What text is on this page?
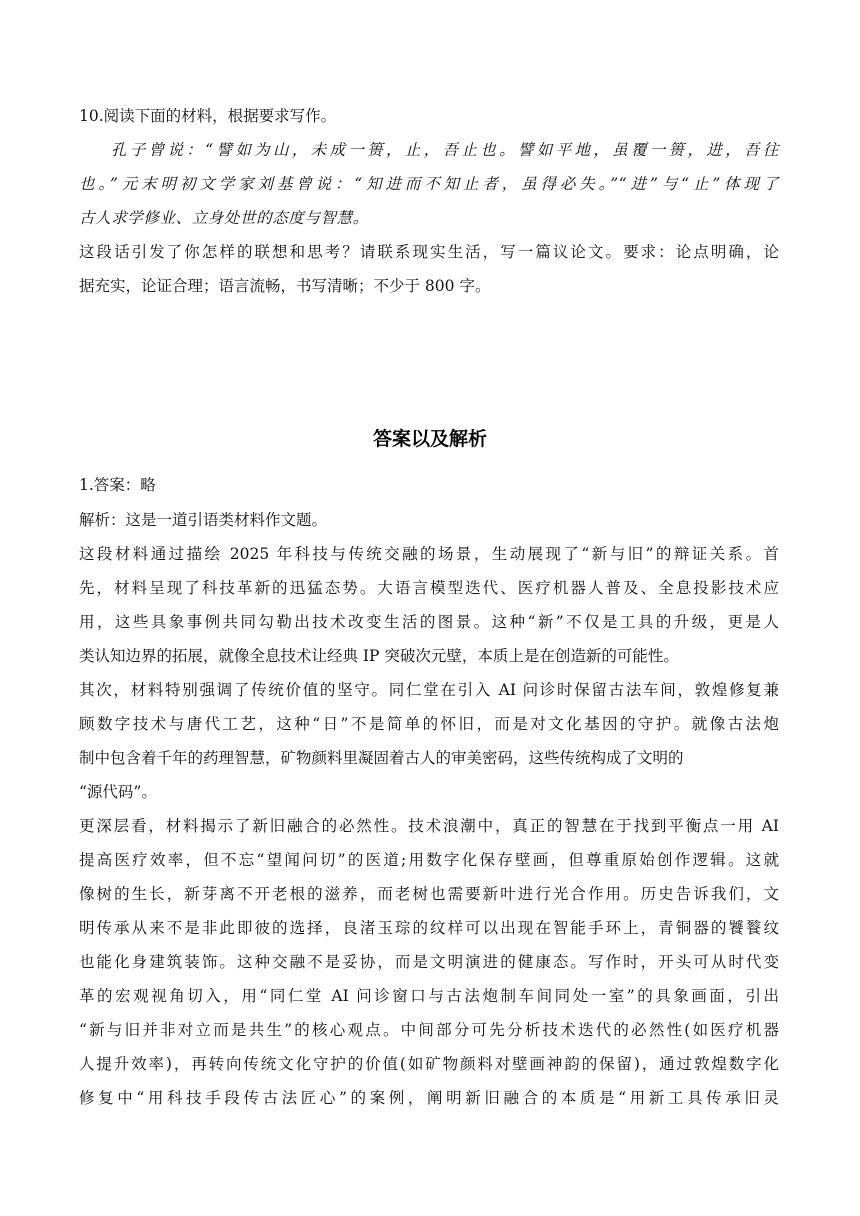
10.阅读下面的材料，根据要求写作。
孔子曾说：“譬如为山，未成一篑，止，吾止也。譬如平地，虽覆一篑，进，吾往
也。”元末明初文学家刘基曾说：“知进而不知止者，虽得必失。”“进”与“止”体现了
古人求学修业、立身处世的态度与智慧。
这段话引发了你怎样的联想和思考？请联系现实生活，写一篇议论文。要求：论点明确，论
据充实，论证合理；语言流畅，书写清晰；不少于 800 字。
答案以及解析
1.答案：略
解析：这是一道引语类材料作文题。
这段材料通过描绘 2025 年科技与传统交融的场景，生动展现了“新与旧”的辩证关系。首
先，材料呈现了科技革新的迅猛态势。大语言模型迭代、医疗机器人普及、全息投影技术应
用，这些具象事例共同勾勒出技术改变生活的图景。这种“新”不仅是工具的升级，更是人
类认知边界的拓展，就像全息技术让经典 IP 突破次元壁，本质上是在创造新的可能性。
其次，材料特别强调了传统价值的坚守。同仁堂在引入 AI 问诊时保留古法车间，敦煌修复兼
顾数字技术与唐代工艺，这种“日”不是简单的怀旧，而是对文化基因的守护。就像古法炮
制中包含着千年的药理智慧，矿物颜料里凝固着古人的审美密码，这些传统构成了文明的
“源代码”。
更深层看，材料揭示了新旧融合的必然性。技术浪潮中，真正的智慧在于找到平衡点一用 AI
提高医疗效率，但不忘“望闻问切”的医道;用数字化保存壁画，但尊重原始创作逻辑。这就
像树的生长，新芽离不开老根的滋养，而老树也需要新叶进行光合作用。历史告诉我们，文
明传承从来不是非此即彼的选择，良渚玉琮的纹样可以出现在智能手环上，青铜器的饕餮纹
也能化身建筑装饰。这种交融不是妥协，而是文明演进的健康态。写作时，开头可从时代变
革的宏观视角切入，用“同仁堂 AI 问诊窗口与古法炮制车间同处一室”的具象画面，引出
“新与旧并非对立而是共生”的核心观点。中间部分可先分析技术迭代的必然性(如医疗机器
人提升效率)，再转向传统文化守护的价值(如矿物颜料对壁画神韵的保留)，通过敦煌数字化
修复中“用科技手段传古法匠心”的案例，阐明新旧融合的本质是“用新工具传承旧灵
